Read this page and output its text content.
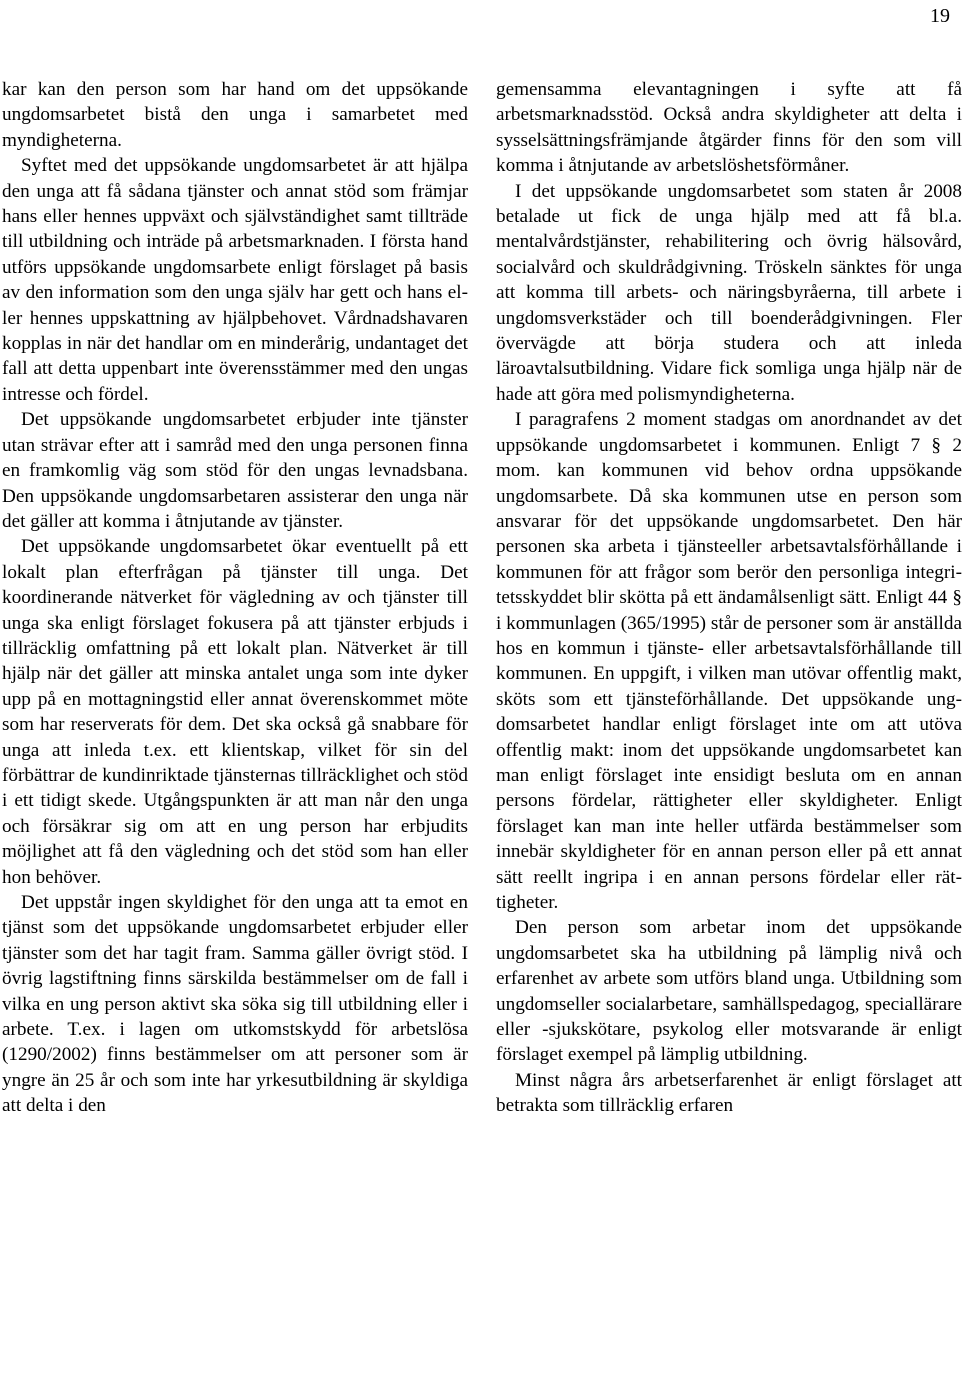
19

kar kan den person som har hand om det uppsökande ungdomsarbetet bistå den unga i samarbetet med myndigheterna.

Syftet med det uppsökande ungdomsarbetet är att hjälpa den unga att få sådana tjänster och annat stöd som främjar hans eller hennes uppväxt och självständighet samt tillträde till utbildning och inträde på arbetsmarknaden. I första hand utförs uppsökande ungdomsarbete enligt förslaget på basis av den information som den unga själv har gett och hans eller hennes uppskattning av hjälpbehovet. Vårdnadshavaren kopplas in när det handlar om en minderårig, undantaget det fall att detta uppenbart inte överensstämmer med den ungas intresse och fördel.

Det uppsökande ungdomsarbetet erbjuder inte tjänster utan strävar efter att i samråd med den unga personen finna en framkomlig väg som stöd för den ungas levnadsbana. Den uppsökande ungdomsarbetaren assisterar den unga när det gäller att komma i åtnjutande av tjänster.

Det uppsökande ungdomsarbetet ökar eventuellt på ett lokalt plan efterfrågan på tjänster till unga. Det koordinerande nätverket för vägledning av och tjänster till unga ska enligt förslaget fokusera på att tjänster erbjuds i tillräcklig omfattning på ett lokalt plan. Nätverket är till hjälp när det gäller att minska antalet unga som inte dyker upp på en mottagningstid eller annat överenskommet möte som har reserverats för dem. Det ska också gå snabbare för unga att inleda t.ex. ett klientskap, vilket för sin del förbättrar de kundinriktade tjänsternas tillräcklighet och stöd i ett tidigt skede. Utgångspunkten är att man når den unga och försäkrar sig om att en ung person har erbjudits möjlighet att få den vägledning och det stöd som han eller hon behöver.

Det uppstår ingen skyldighet för den unga att ta emot en tjänst som det uppsökande ungdomsarbetet erbjuder eller tjänster som det har tagit fram. Samma gäller övrigt stöd. I övrig lagstiftning finns särskilda bestämmelser om de fall i vilka en ung person aktivt ska söka sig till utbildning eller i arbete. T.ex. i lagen om utkomstskydd för arbetslösa (1290/2002) finns bestämmelser om att personer som är yngre än 25 år och som inte har yrkesutbildning är skyldiga att delta i den

gemensamma elevantagningen i syfte att få arbetsmarknadsstöd. Också andra skyldigheter att delta i sysselsättningsfrämjande åtgärder finns för den som vill komma i åtnjutande av arbetslöshetsförmåner.

I det uppsökande ungdomsarbetet som staten år 2008 betalade ut fick de unga hjälp med att få bl.a. mentalvårdstjänster, rehabilitering och övrig hälsovård, socialvård och skuldrådgivning. Tröskeln sänktes för unga att komma till arbets- och näringsbyråerna, till arbete i ungdomsverkstäder och till boenderådgivningen. Fler övervägde att börja studera och att inleda läroavtalsutbildning. Vidare fick somliga unga hjälp när de hade att göra med polismyndigheterna.

I paragrafens 2 moment stadgas om anordnandet av det uppsökande ungdomsarbetet i kommunen. Enligt 7 § 2 mom. kan kommunen vid behov ordna uppsökande ungdomsarbete. Då ska kommunen utse en person som ansvarar för det uppsökande ungdomsarbetet. Den här personen ska arbeta i tjänsteeller arbetsavtalsförhållande i kommunen för att frågor som berör den personliga integritetsskyddet blir skötta på ett ändamålsenligt sätt. Enligt 44 § i kommunlagen (365/1995) står de personer som är anställda hos en kommun i tjänste- eller arbetsavtalsförhållande till kommunen. En uppgift, i vilken man utövar offentlig makt, sköts som ett tjänsteförhållande. Det uppsökande ungdomsarbetet handlar enligt förslaget inte om att utöva offentlig makt: inom det uppsökande ungdomsarbetet kan man enligt förslaget inte ensidigt besluta om en annan persons fördelar, rättigheter eller skyldigheter. Enligt förslaget kan man inte heller utfärda bestämmelser som innebär skyldigheter för en annan person eller på ett annat sätt reellt ingripa i en annan persons fördelar eller rättigheter.

Den person som arbetar inom det uppsökande ungdomsarbetet ska ha utbildning på lämplig nivå och erfarenhet av arbete som utförs bland unga. Utbildning som ungdomseller socialarbetare, samhällspedagog, speciallärare eller -sjukskötare, psykolog eller motsvarande är enligt förslaget exempel på lämplig utbildning.

Minst några års arbetserfarenhet är enligt förslaget att betrakta som tillräcklig erfaren
